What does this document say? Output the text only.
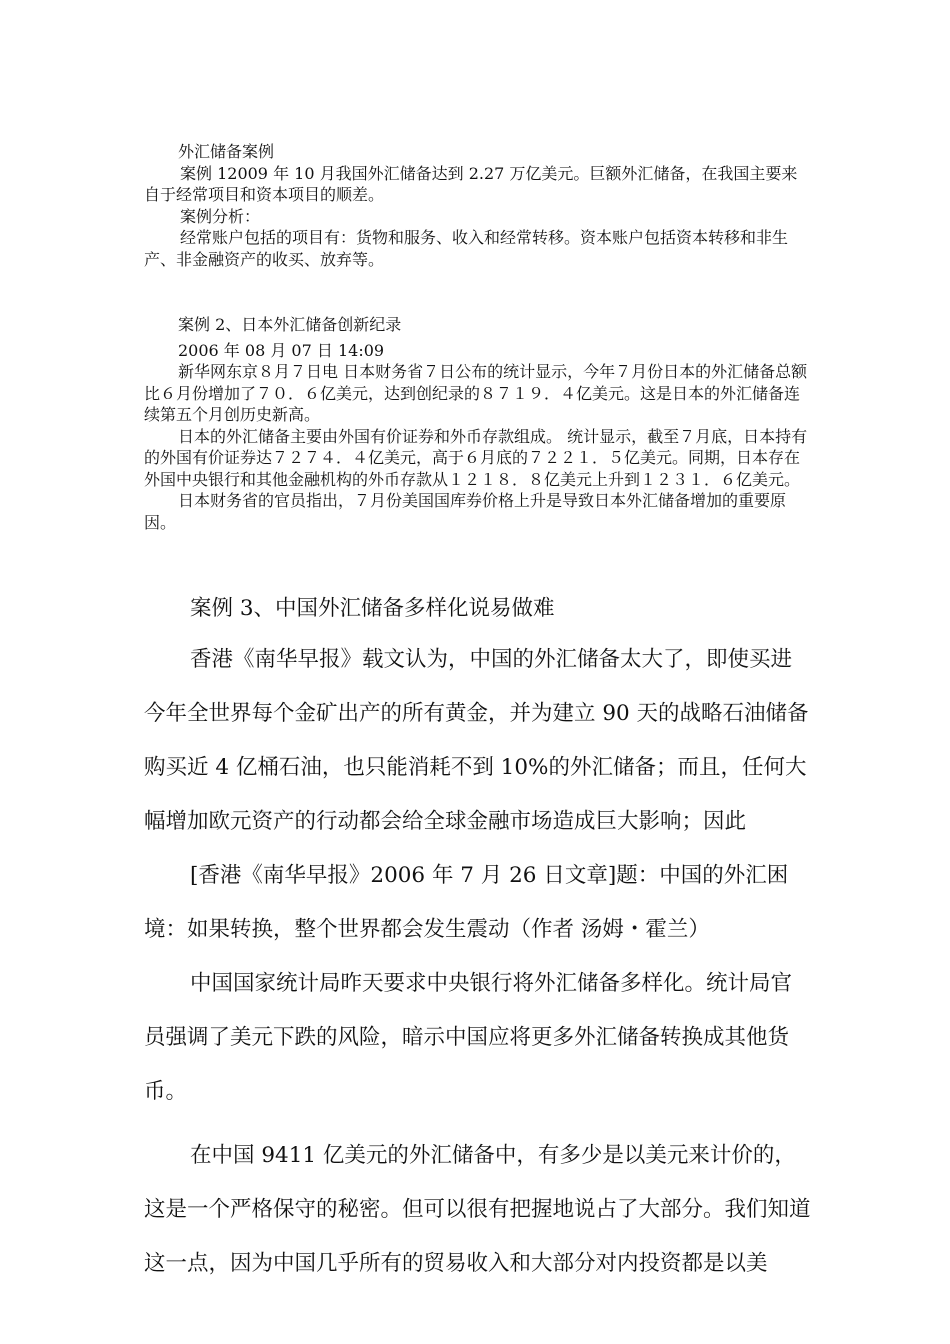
外汇储备案例

案例 12009 年 10 月我国外汇储备达到 2.27 万亿美元。巨额外汇储备，在我国主要来自于经常项目和资本项目的顺差。

案例分析：

经常账户包括的项目有：货物和服务、收入和经常转移。资本账户包括资本转移和非生产、非金融资产的收买、放弃等。

案例 2、日本外汇储备创新纪录

2006 年 08 月 07 日 14:09

新华网东京８月７日电 日本财务省７日公布的统计显示，今年７月份日本的外汇储备总额比６月份增加了７０．６亿美元，达到创纪录的８７１９．４亿美元。这是日本的外汇储备连续第五个月创历史新高。

日本的外汇储备主要由外国有价证券和外币存款组成。 统计显示，截至７月底，日本持有的外国有价证券达７２７４．４亿美元，高于６月底的７２２１．５亿美元。同期，日本存在外国中央银行和其他金融机构的外币存款从１２１８．８亿美元上升到１２３１．６亿美元。

日本财务省的官员指出，７月份美国国库券价格上升是导致日本外汇储备增加的重要原因。

案例 3、中国外汇储备多样化说易做难

香港《南华早报》载文认为，中国的外汇储备太大了，即使买进今年全世界每个金矿出产的所有黄金，并为建立 90 天的战略石油储备购买近 4 亿桶石油，也只能消耗不到 10%的外汇储备；而且，任何大幅增加欧元资产的行动都会给全球金融市场造成巨大影响；因此

[香港《南华早报》2006 年 7 月 26 日文章]题：中国的外汇困境：如果转换，整个世界都会发生震动（作者 汤姆・霍兰）

中国国家统计局昨天要求中央银行将外汇储备多样化。统计局官员强调了美元下跌的风险，暗示中国应将更多外汇储备转换成其他货币。

在中国 9411 亿美元的外汇储备中，有多少是以美元来计价的，这是一个严格保守的秘密。但可以很有把握地说占了大部分。我们知道这一点，因为中国几乎所有的贸易收入和大部分对内投资都是以美
